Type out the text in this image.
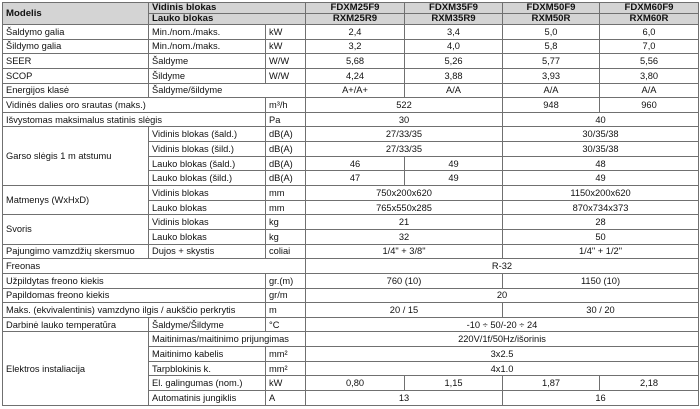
Modelis	Vidinis blokas		FDXM25F9	FDXM35F9	FDXM50F9	FDXM60F9
	Lauko blokas		RXM25R9	RXM35R9	RXM50R	RXM60R
Šaldymo galia	Min./nom./maks.	kW	2,4	3,4	5,0	6,0
Šildymo galia	Min./nom./maks.	kW	3,2	4,0	5,8	7,0
SEER	Šaldyme	W/W	5,68	5,26	5,77	5,56
SCOP	Šildyme	W/W	4,24	3,88	3,93	3,80
Energijos klasė	Šaldyme/šildyme		A+/A+	A/A	A/A	A/A
Vidinės dalies oro srautas (maks.)		m³/h	522		948	960
Išvystomas maksimalus statinis slėgis		Pa	30		40	
Garso slėgis 1 m atstumu	Vidinis blokas (šald.)	dB(A)	27/33/35		30/35/38	
	Vidinis blokas (šild.)	dB(A)	27/33/35		30/35/38	
	Lauko blokas (šald.)	dB(A)	46	49	48	
	Lauko blokas (šild.)	dB(A)	47	49	49	
Matmenys (WxHxD)	Vidinis blokas	mm	750x200x620		1150x200x620	
	Lauko blokas	mm	765x550x285		870x734x373	
Svoris	Vidinis blokas	kg	21		28	
	Lauko blokas	kg	32		50	
Pajungimo vamzdžių skersmuo	Dujos + skystis	coliai	1/4" + 3/8"		1/4" + 1/2"	
Freonas			R-32			
Užpildytas freono kiekis		gr.(m)	760 (10)		1150 (10)	
Papildomas freono kiekis		gr/m	20			
Maks. (ekvivalentinis) vamzdyno ilgis / aukščio perkrytis		m	20 / 15		30 / 20	
Darbinė lauko temperatūra	Šaldyme/Šildyme	°C	-10 ÷ 50/-20 ÷ 24			
Elektros instaliacija	Maitinimas/maitinimo prijungimas		220V/1f/50Hz/išorinis			
	Maitinimo kabelis	mm²	3x2.5			
	Tarpblokinis k.	mm²	4x1.0			
	El. galingumas (nom.)	kW	0,80	1,15	1,87	2,18
	Automatinis jungiklis	A	13		16	
